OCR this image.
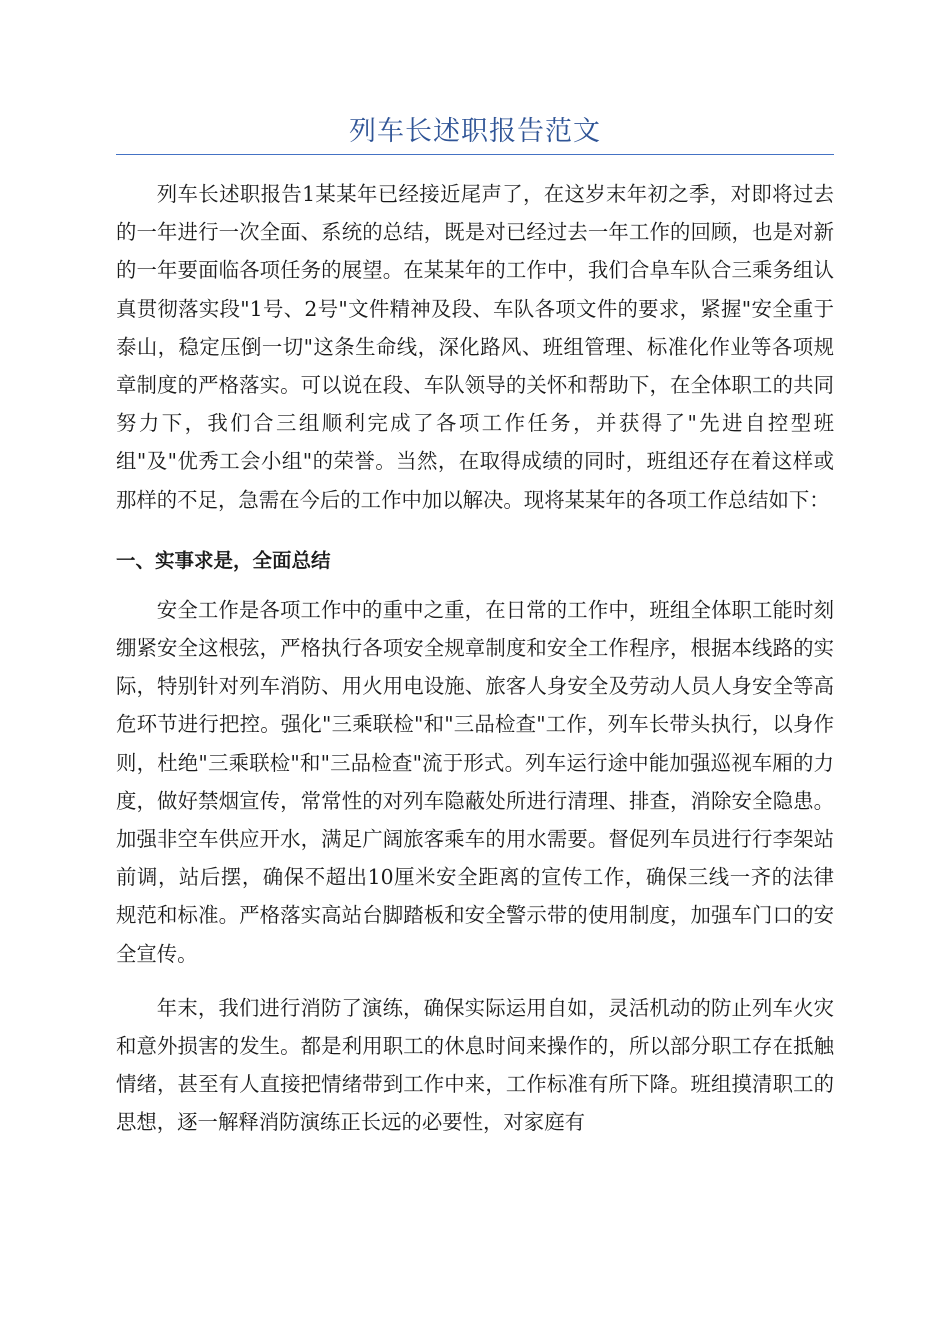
列车长述职报告范文

列车长述职报告1某某年已经接近尾声了，在这岁末年初之季，对即将过去的一年进行一次全面、系统的总结，既是对已经过去一年工作的回顾，也是对新的一年要面临各项任务的展望。在某某年的工作中，我们合阜车队合三乘务组认真贯彻落实段"1号、2号"文件精神及段、车队各项文件的要求，紧握"安全重于泰山，稳定压倒一切"这条生命线，深化路风、班组管理、标准化作业等各项规章制度的严格落实。可以说在段、车队领导的关怀和帮助下，在全体职工的共同努力下，我们合三组顺利完成了各项工作任务，并获得了"先进自控型班组"及"优秀工会小组"的荣誉。当然，在取得成绩的同时，班组还存在着这样或那样的不足，急需在今后的工作中加以解决。现将某某年的各项工作总结如下：

一、实事求是，全面总结

安全工作是各项工作中的重中之重，在日常的工作中，班组全体职工能时刻绷紧安全这根弦，严格执行各项安全规章制度和安全工作程序，根据本线路的实际，特别针对列车消防、用火用电设施、旅客人身安全及劳动人员人身安全等高危环节进行把控。强化"三乘联检"和"三品检查"工作，列车长带头执行，以身作则，杜绝"三乘联检"和"三品检查"流于形式。列车运行途中能加强巡视车厢的力度，做好禁烟宣传，常常性的对列车隐蔽处所进行清理、排查，消除安全隐患。加强非空车供应开水，满足广阔旅客乘车的用水需要。督促列车员进行行李架站前调，站后摆，确保不超出10厘米安全距离的宣传工作，确保三线一齐的法律规范和标准。严格落实高站台脚踏板和安全警示带的使用制度，加强车门口的安全宣传。

年末，我们进行消防了演练，确保实际运用自如，灵活机动的防止列车火灾和意外损害的发生。都是利用职工的休息时间来操作的，所以部分职工存在抵触情绪，甚至有人直接把情绪带到工作中来，工作标准有所下降。班组摸清职工的思想，逐一解释消防演练正长远的必要性，对家庭有
